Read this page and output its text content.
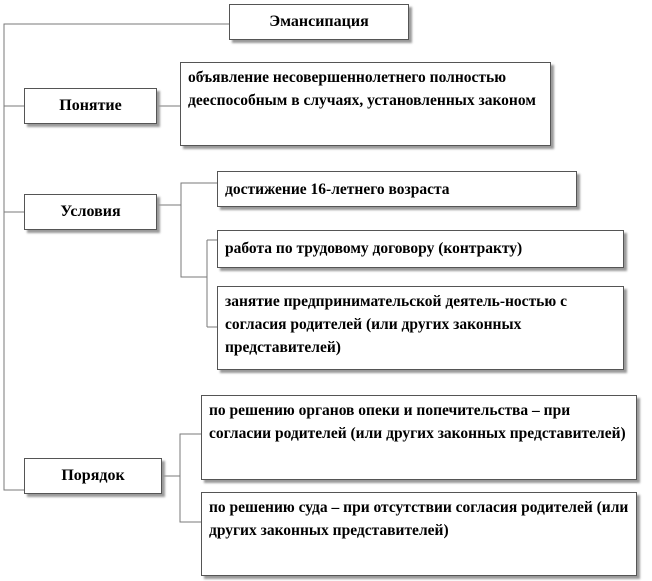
Эмансипация
Понятие
Условия
Порядок
объявление несовершеннолетнего полностью дееспособным в случаях, установленных законом
достижение 16-летнего возраста
работа по трудовому договору (контракту)
занятие предпринимательской деятель-ностью с согласия родителей (или других законных представителей)
по решению органов опеки и попечительства – при согласии родителей (или других законных представителей)
по решению суда – при отсутствии согласия родителей (или других законных представителей)
